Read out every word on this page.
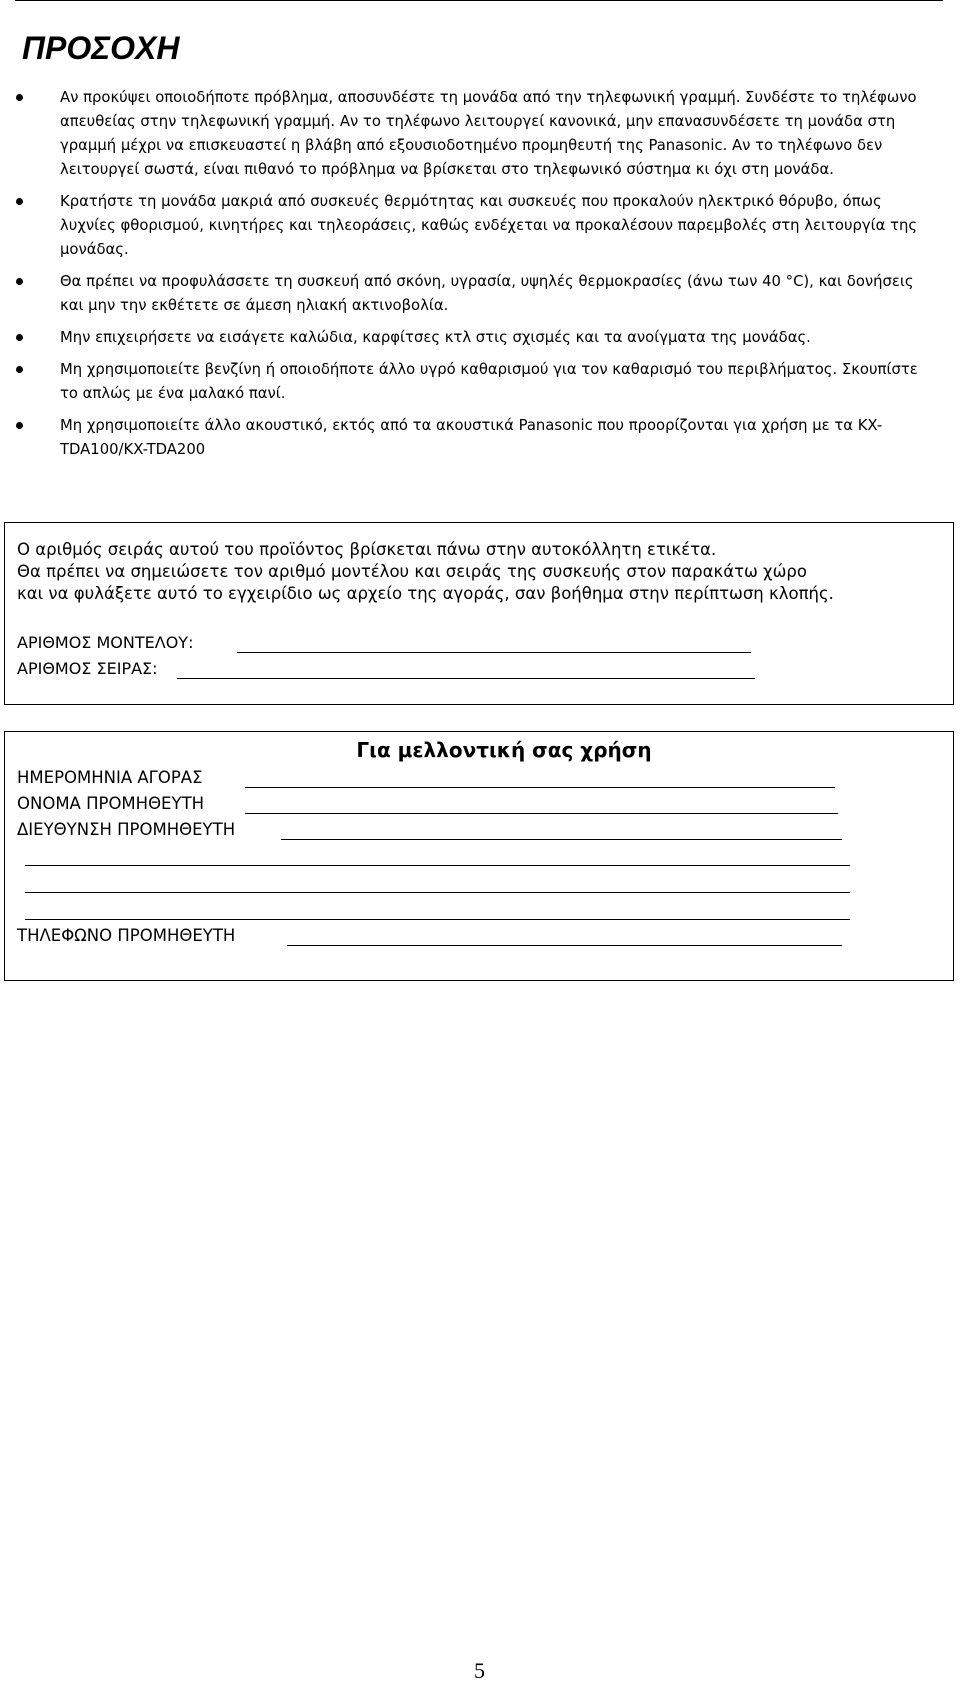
ΠΡΟΣΟΧΗ
Αν προκύψει οποιοδήποτε πρόβλημα, αποσυνδέστε τη μονάδα από την τηλεφωνική γραμμή. Συνδέστε το τηλέφωνο απευθείας στην τηλεφωνική γραμμή. Αν το τηλέφωνο λειτουργεί κανονικά, μην επανασυνδέσετε τη μονάδα στη γραμμή μέχρι να επισκευαστεί η βλάβη από εξουσιοδοτημένο προμηθευτή της Panasonic. Αν το τηλέφωνο δεν λειτουργεί σωστά, είναι πιθανό το πρόβλημα να βρίσκεται στο τηλεφωνικό σύστημα κι όχι στη μονάδα.
Κρατήστε τη μονάδα μακριά από συσκευές θερμότητας και συσκευές που προκαλούν ηλεκτρικό θόρυβο, όπως λυχνίες φθορισμού, κινητήρες και τηλεοράσεις, καθώς ενδέχεται να προκαλέσουν παρεμβολές στη λειτουργία της μονάδας.
Θα πρέπει να προφυλάσσετε τη συσκευή από σκόνη, υγρασία, υψηλές θερμοκρασίες (άνω των 40 °C), και δονήσεις και μην την εκθέτετε σε άμεση ηλιακή ακτινοβολία.
Μην επιχειρήσετε να εισάγετε καλώδια, καρφίτσες κτλ στις σχισμές και τα ανοίγματα της μονάδας.
Μη χρησιμοποιείτε βενζίνη ή οποιοδήποτε άλλο υγρό καθαρισμού για τον καθαρισμό του περιβλήματος. Σκουπίστε το απλώς με ένα μαλακό πανί.
Μη χρησιμοποιείτε άλλο ακουστικό, εκτός από τα ακουστικά Panasonic που προορίζονται για χρήση με τα KX-TDA100/KX-TDA200
Ο αριθμός σειράς αυτού του προϊόντος βρίσκεται πάνω στην αυτοκόλλητη ετικέτα.
Θα πρέπει να σημειώσετε τον αριθμό μοντέλου και σειράς της συσκευής στον παρακάτω χώρο
και να φυλάξετε αυτό το εγχειρίδιο ως αρχείο της αγοράς, σαν βοήθημα στην περίπτωση κλοπής.
ΑΡΙΘΜΟΣ ΜΟΝΤΕΛΟΥ:
ΑΡΙΘΜΟΣ ΣΕΙΡΑΣ:
Για μελλοντική σας χρήση
ΗΜΕΡΟΜΗΝΙΑ ΑΓΟΡΑΣ
ΟΝΟΜΑ ΠΡΟΜΗΘΕΥΤΗ
ΔΙΕΥΘΥΝΣΗ ΠΡΟΜΗΘΕΥΤΗ
ΤΗΛΕΦΩΝΟ ΠΡΟΜΗΘΕΥΤΗ
5
